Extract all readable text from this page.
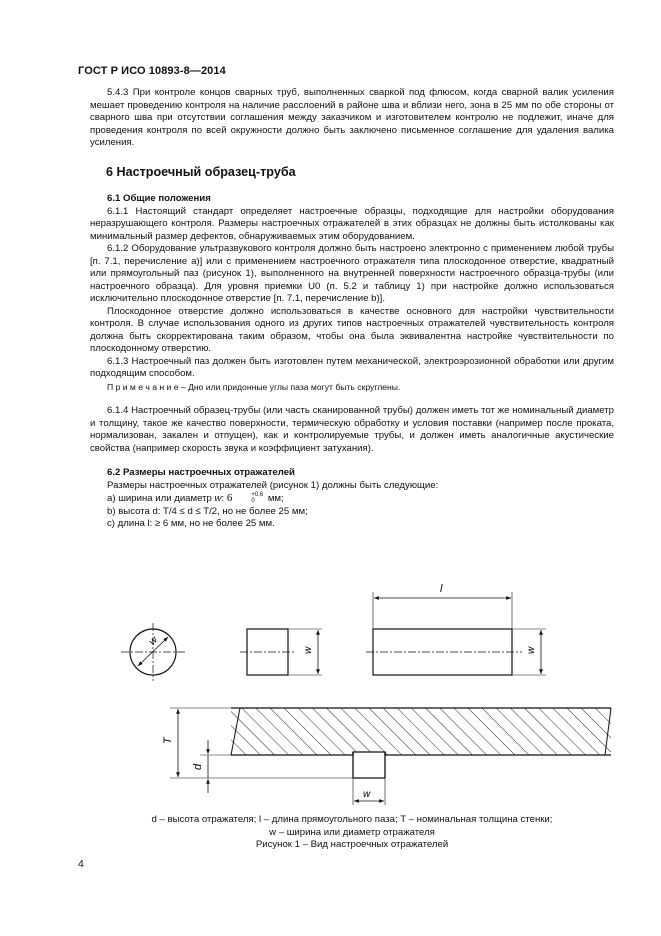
ГОСТ Р ИСО 10893-8—2014

5.4.3 При контроле концов сварных труб, выполненных сваркой под флюсом, когда сварной валик усиления мешает проведению контроля на наличие расслоений в районе шва и вблизи него, зона в 25 мм по обе стороны от сварного шва при отсутствии соглашения между заказчиком и изготовителем контролю не подлежит, иначе для проведения контроля по всей окружности должно быть заключено письменное соглашение для удаления валика усиления.

6 Настроечный образец-труба

6.1 Общие положения

6.1.1 Настоящий стандарт определяет настроечные образцы, подходящие для настройки оборудования неразрушающего контроля. Размеры настроечных отражателей в этих образцах не должны быть истолкованы как минимальный размер дефектов, обнаруживаемых этим оборудованием.

6.1.2 Оборудование ультразвукового контроля должно быть настроено электронно с применением любой трубы [п. 7.1, перечисление а)] или с применением настроечного отражателя типа плоскодонное отверстие, квадратный или прямоугольный паз (рисунок 1), выполненного на внутренней поверхности настроечного образца-трубы (или настроечного образца). Для уровня приемки U0 (п. 5.2 и таблицу 1) при настройке должно использоваться исключительно плоскодонное отверстие [п. 7.1, перечисление b)].

Плоскодонное отверстие должно использоваться в качестве основного для настройки чувствительности контроля. В случае использования одного из других типов настроечных отражателей чувствительность контроля должна быть скорректирована таким образом, чтобы она была эквивалентна настройке чувствительности по плоскодонному отверстию.

6.1.3 Настроечный паз должен быть изготовлен путем механической, электроэрозионной обработки или другим подходящим способом.

П р и м е ч а н и е – Дно или придонные углы паза могут быть скруглены.

6.1.4 Настроечный образец-трубы (или часть сканированной трубы) должен иметь тот же номинальный диаметр и толщину, такое же качество поверхности, термическую обработку и условия поставки (например после проката, нормализован, закален и отпущен), как и контролируемые трубы, и должен иметь аналогичные акустические свойства (например скорость звука и коэффициент затухания).

6.2 Размеры настроечных отражателей

Размеры настроечных отражателей (рисунок 1) должны быть следующие:

а) ширина или диаметр w: 6	+0,6
0	мм;

b) высота d: T/4 ≤ d ≤ T/2, но не более 25 мм;

c) длина l: ≥ 6 мм, но не более 25 мм.

w
w
l
w
T
d
w
d – высота отражателя; l – длина прямоугольного паза; T – номинальная толщина стенки;
w – ширина или диаметр отражателя
Рисунок 1 – Вид настроечных отражателей
4
